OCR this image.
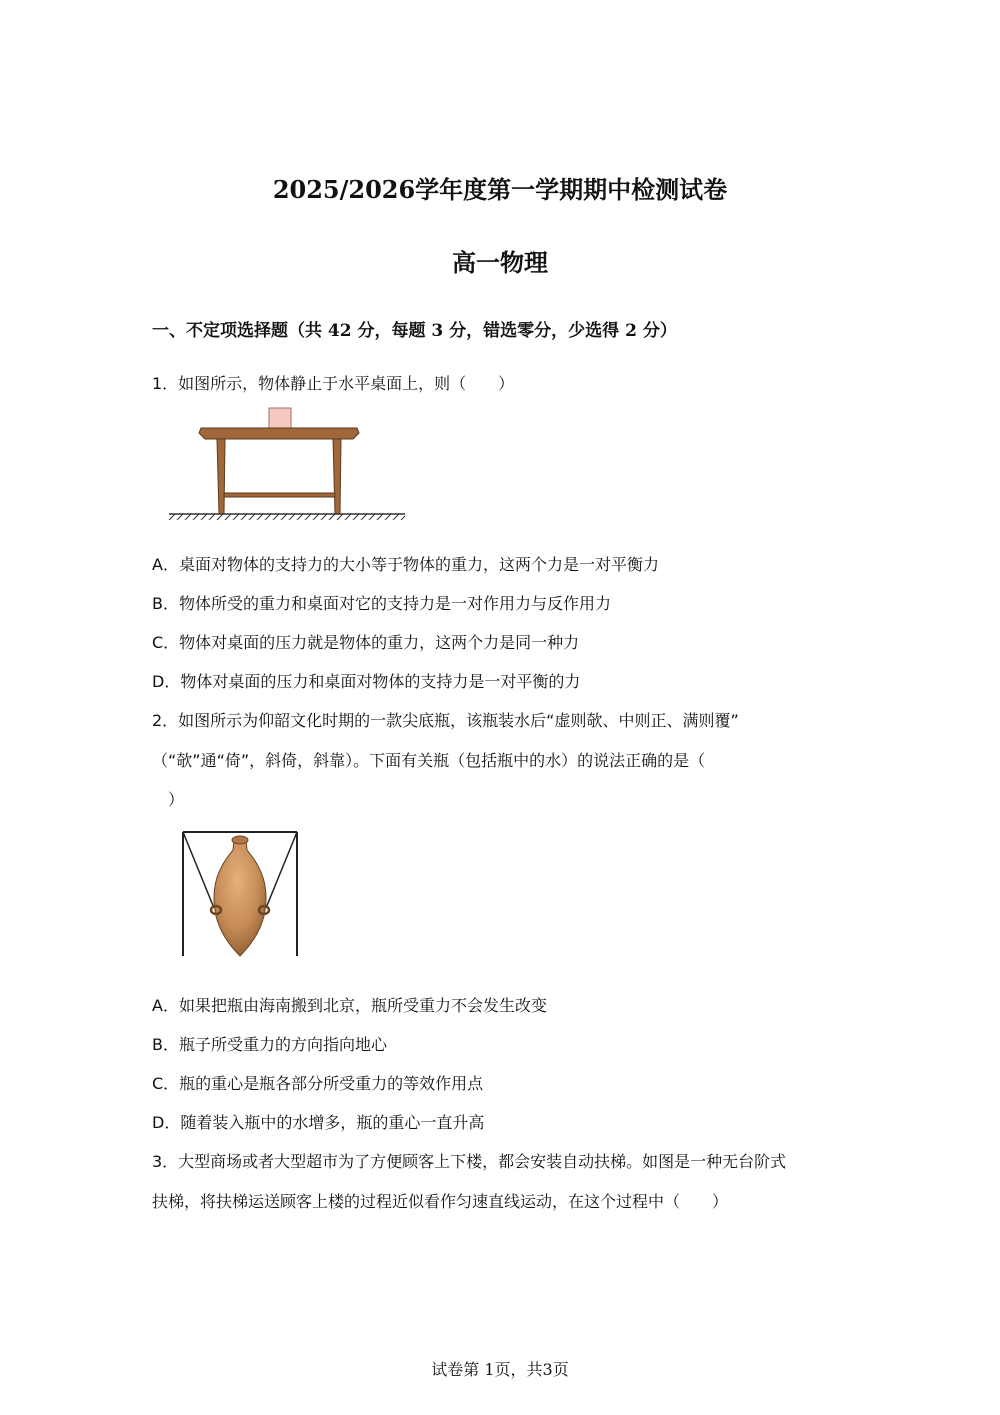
2025/2026学年度第一学期期中检测试卷
高一物理
一、不定项选择题（共 42 分，每题 3 分，错选零分，少选得 2 分）
1．如图所示，物体静止于水平桌面上，则（　　）
A．桌面对物体的支持力的大小等于物体的重力，这两个力是一对平衡力
B．物体所受的重力和桌面对它的支持力是一对作用力与反作用力
C．物体对桌面的压力就是物体的重力，这两个力是同一种力
D．物体对桌面的压力和桌面对物体的支持力是一对平衡的力
2．如图所示为仰韶文化时期的一款尖底瓶，该瓶装水后“虚则欹、中则正、满则覆”
（“欹”通“倚”，斜倚，斜靠）。下面有关瓶（包括瓶中的水）的说法正确的是（
　）
A．如果把瓶由海南搬到北京，瓶所受重力不会发生改变
B．瓶子所受重力的方向指向地心
C．瓶的重心是瓶各部分所受重力的等效作用点
D．随着装入瓶中的水增多，瓶的重心一直升高
3．大型商场或者大型超市为了方便顾客上下楼，都会安装自动扶梯。如图是一种无台阶式
扶梯，将扶梯运送顾客上楼的过程近似看作匀速直线运动，在这个过程中（　　）
试卷第 1页，共3页
